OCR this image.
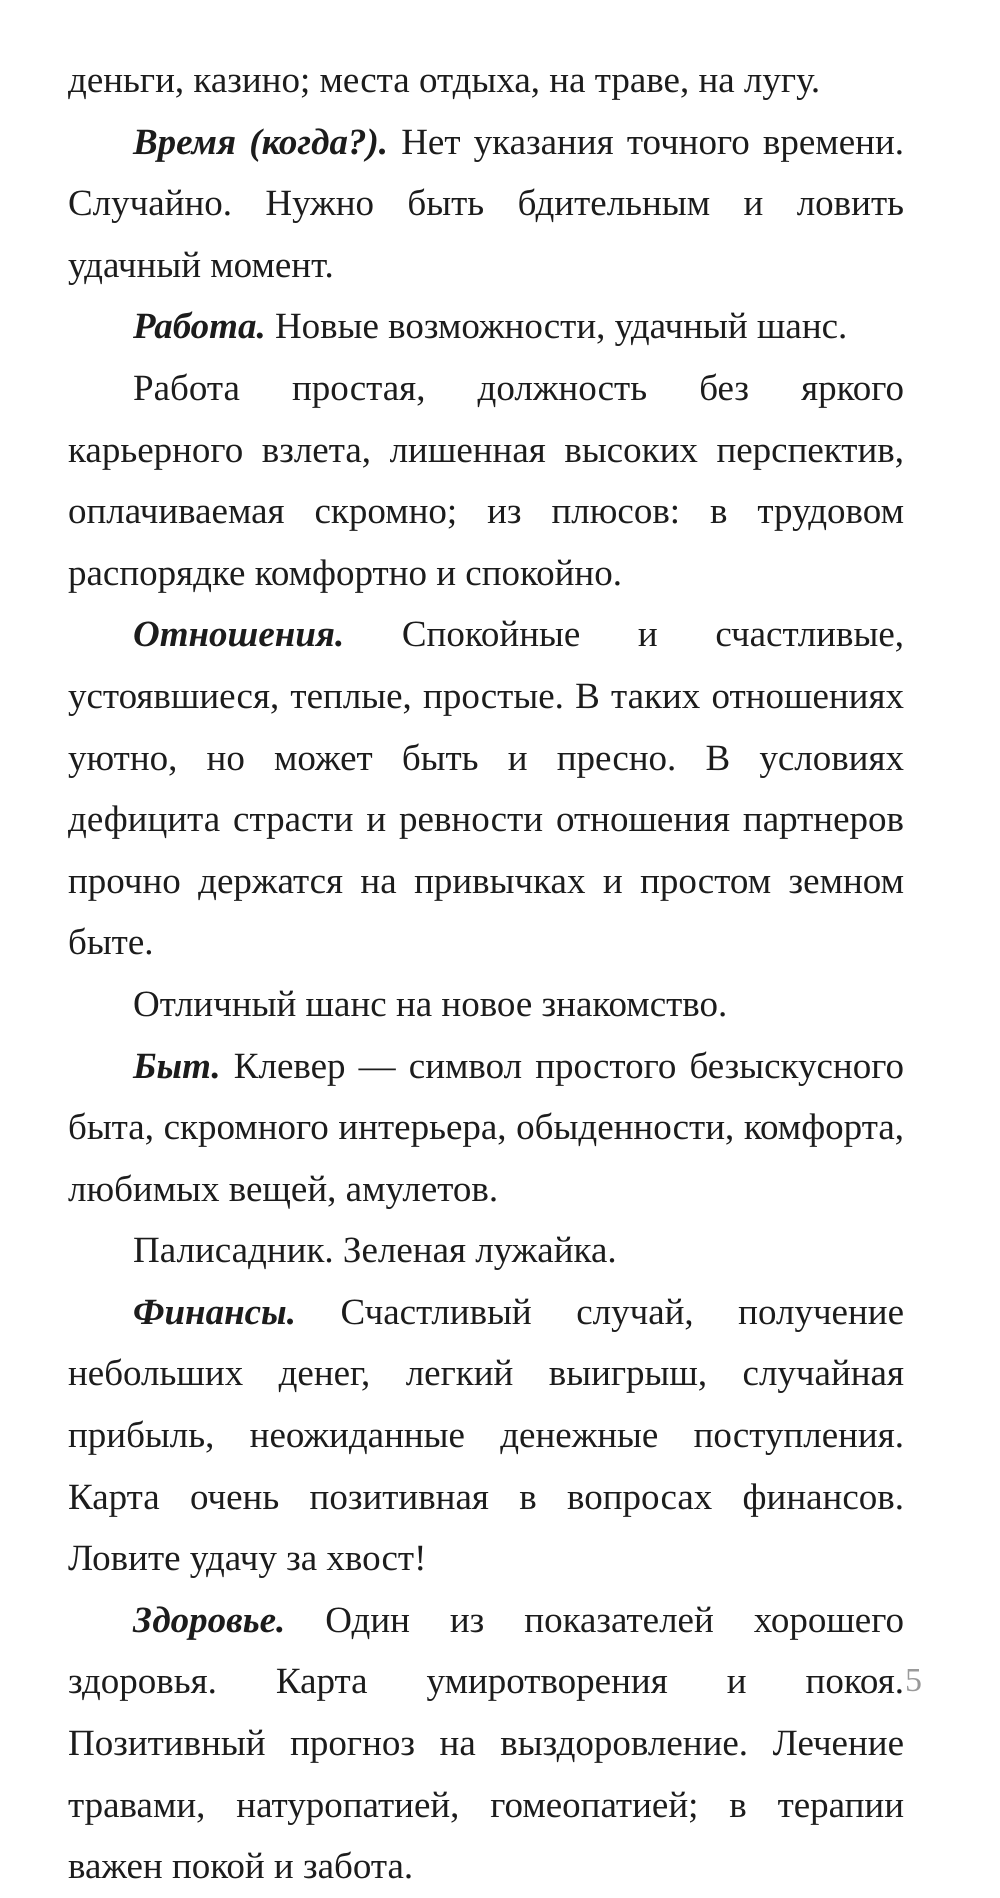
деньги, казино; места отдыха, на траве, на лугу.

Время (когда?). Нет указания точного времени. Случайно. Нужно быть бдительным и ловить удачный момент.

Работа. Новые возможности, удачный шанс.

Работа простая, должность без яркого карьерного взлета, лишенная высоких перспектив, оплачиваемая скромно; из плюсов: в трудовом распорядке комфортно и спокойно.

Отношения. Спокойные и счастливые, устоявшиеся, теплые, простые. В таких отношениях уютно, но может быть и пресно. В условиях дефицита страсти и ревности отношения партнеров прочно держатся на привычках и простом земном быте.

Отличный шанс на новое знакомство.

Быт. Клевер — символ простого безыскусного быта, скромного интерьера, обыденности, комфорта, любимых вещей, амулетов.

Палисадник. Зеленая лужайка.

Финансы. Счастливый случай, получение небольших денег, легкий выигрыш, случайная прибыль, неожиданные денежные поступления. Карта очень позитивная в вопросах финансов. Ловите удачу за хвост!

Здоровье. Один из показателей хорошего здоровья. Карта умиротворения и покоя. Позитивный прогноз на выздоровление. Лечение травами, натуропатией, гомеопатией; в терапии важен покой и забота.

5
